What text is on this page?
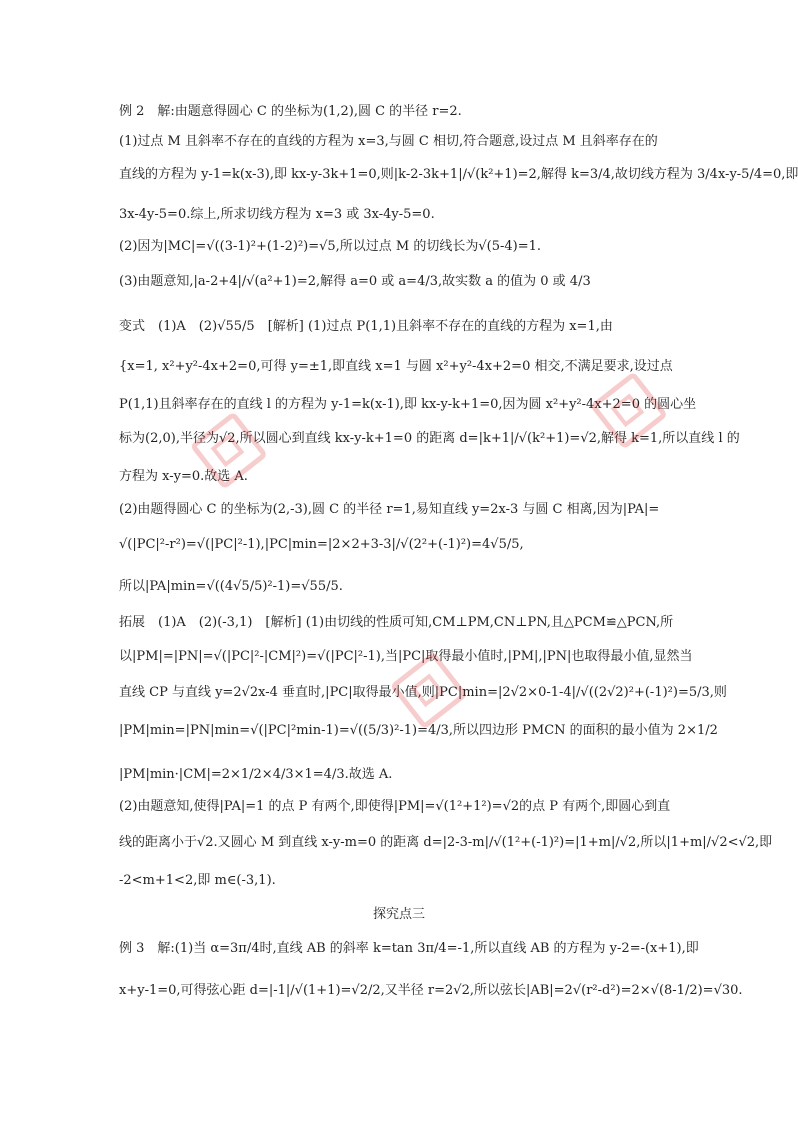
例 2　解:由题意得圆心 C 的坐标为(1,2),圆 C 的半径 r=2.
(1)过点 M 且斜率不存在的直线的方程为 x=3,与圆 C 相切,符合题意,设过点 M 且斜率存在的
直线的方程为 y-1=k(x-3),即 kx-y-3k+1=0,则|k-2-3k+1|/√(k²+1)=2,解得 k=3/4,故切线方程为 3/4x-y-5/4=0,即
3x-4y-5=0.综上,所求切线方程为 x=3 或 3x-4y-5=0.
(2)因为|MC|=√((3-1)²+(1-2)²)=√5,所以过点 M 的切线长为√(5-4)=1.
(3)由题意知,|a-2+4|/√(a²+1)=2,解得 a=0 或 a=4/3,故实数 a 的值为 0 或 4/3
变式　(1)A　(2)√55/5　[解析] (1)过点 P(1,1)且斜率不存在的直线的方程为 x=1,由
{x=1, x²+y²-4x+2=0,可得 y=±1,即直线 x=1 与圆 x²+y²-4x+2=0 相交,不满足要求,设过点
P(1,1)且斜率存在的直线 l 的方程为 y-1=k(x-1),即 kx-y-k+1=0,因为圆 x²+y²-4x+2=0 的圆心坐
标为(2,0),半径为√2,所以圆心到直线 kx-y-k+1=0 的距离 d=|k+1|/√(k²+1)=√2,解得 k=1,所以直线 l 的
方程为 x-y=0.故选 A.
(2)由题得圆心 C 的坐标为(2,-3),圆 C 的半径 r=1,易知直线 y=2x-3 与圆 C 相离,因为|PA|=
√(|PC|²-r²)=√(|PC|²-1),|PC|min=|2×2+3-3|/√(2²+(-1)²)=4√5/5,
所以|PA|min=√((4√5/5)²-1)=√55/5.
拓展　(1)A　(2)(-3,1)　[解析] (1)由切线的性质可知,CM⊥PM,CN⊥PN,且△PCM≌△PCN,所
以|PM|=|PN|=√(|PC|²-|CM|²)=√(|PC|²-1),当|PC|取得最小值时,|PM|,|PN|也取得最小值,显然当
直线 CP 与直线 y=2√2x-4 垂直时,|PC|取得最小值,则|PC|min=|2√2×0-1-4|/√((2√2)²+(-1)²)=5/3,则
|PM|min=|PN|min=√(|PC|²min-1)=√((5/3)²-1)=4/3,所以四边形 PMCN 的面积的最小值为 2×1/2
|PM|min·|CM|=2×1/2×4/3×1=4/3.故选 A.
(2)由题意知,使得|PA|=1 的点 P 有两个,即使得|PM|=√(1²+1²)=√2的点 P 有两个,即圆心到直
线的距离小于√2.又圆心 M 到直线 x-y-m=0 的距离 d=|2-3-m|/√(1²+(-1)²)=|1+m|/√2,所以|1+m|/√2<√2,即
-2<m+1<2,即 m∈(-3,1).
探究点三
例 3　解:(1)当 α=3π/4时,直线 AB 的斜率 k=tan 3π/4=-1,所以直线 AB 的方程为 y-2=-(x+1),即
x+y-1=0,可得弦心距 d=|-1|/√(1+1)=√2/2,又半径 r=2√2,所以弦长|AB|=2√(r²-d²)=2×√(8-1/2)=√30.
